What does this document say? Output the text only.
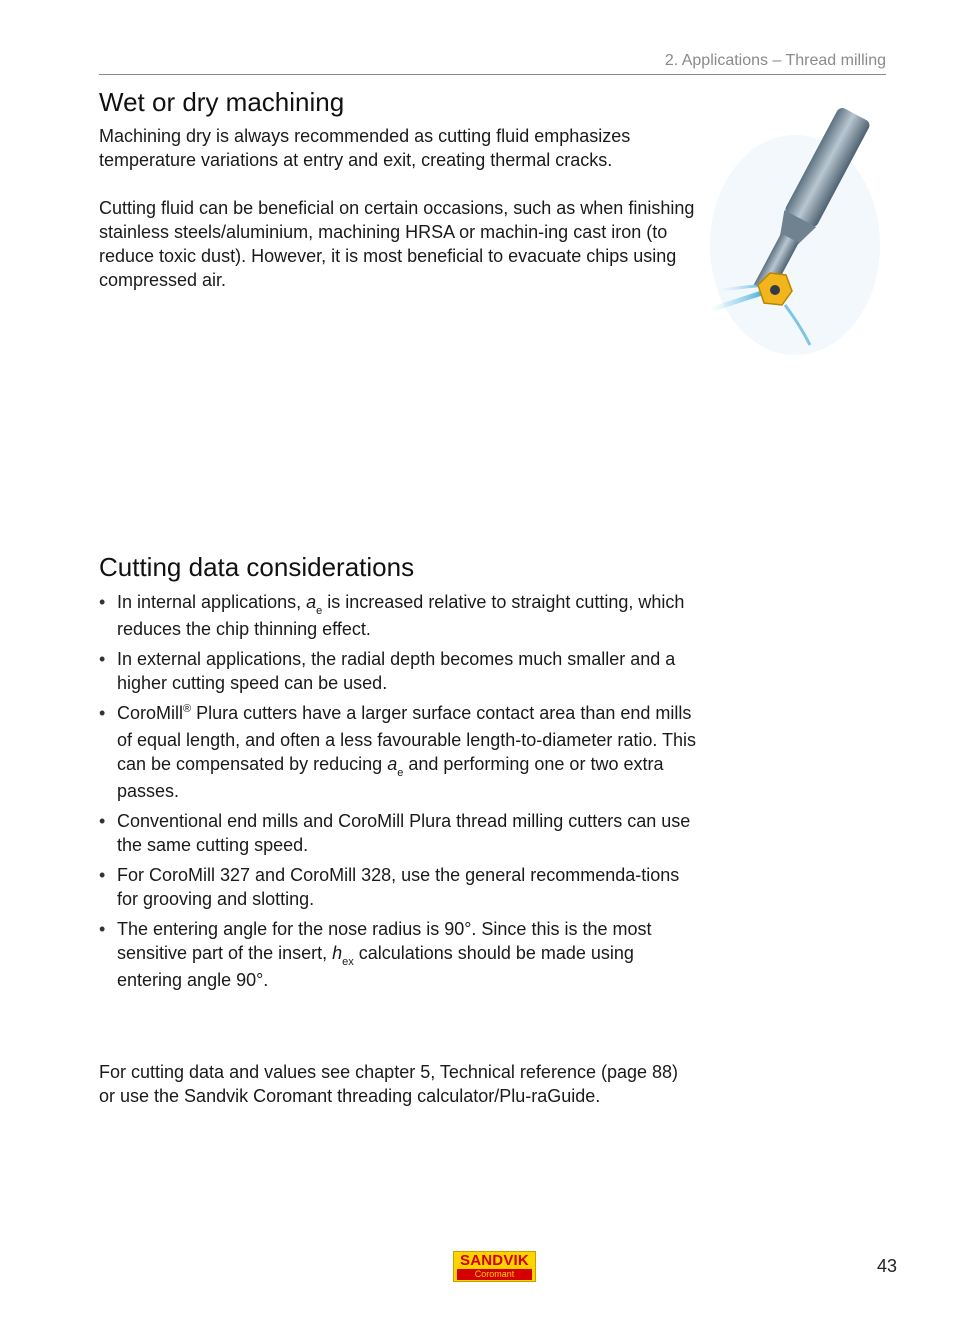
2. Applications – Thread milling
Wet or dry machining

Machining dry is always recommended as cutting fluid emphasizes temperature variations at entry and exit, creating thermal cracks.

Cutting fluid can be beneficial on certain occasions, such as when finishing stainless steels/aluminium, machining HRSA or machin-ing cast iron (to reduce toxic dust). However, it is most beneficial to evacuate chips using compressed air.

Cutting data considerations
• In internal applications, $a_e$ is increased relative to straight cutting, which reduces the chip thinning effect.
• In external applications, the radial depth becomes much smaller and a higher cutting speed can be used.
• CoroMill® Plura cutters have a larger surface contact area than end mills of equal length, and often a less favourable length-to-diameter ratio. This can be compensated by reducing $a_e$ and performing one or two extra passes.
• Conventional end mills and CoroMill Plura thread milling cutters can use the same cutting speed.
• For CoroMill 327 and CoroMill 328, use the general recommenda-tions for grooving and slotting.
• The entering angle for the nose radius is 90°. Since this is the most sensitive part of the insert, $h_{ex}$ calculations should be made using entering angle 90°.

For cutting data and values see chapter 5, Technical reference (page 88) or use the Sandvik Coromant threading calculator/Plu-raGuide.

SANDVIK
Coromant	43
